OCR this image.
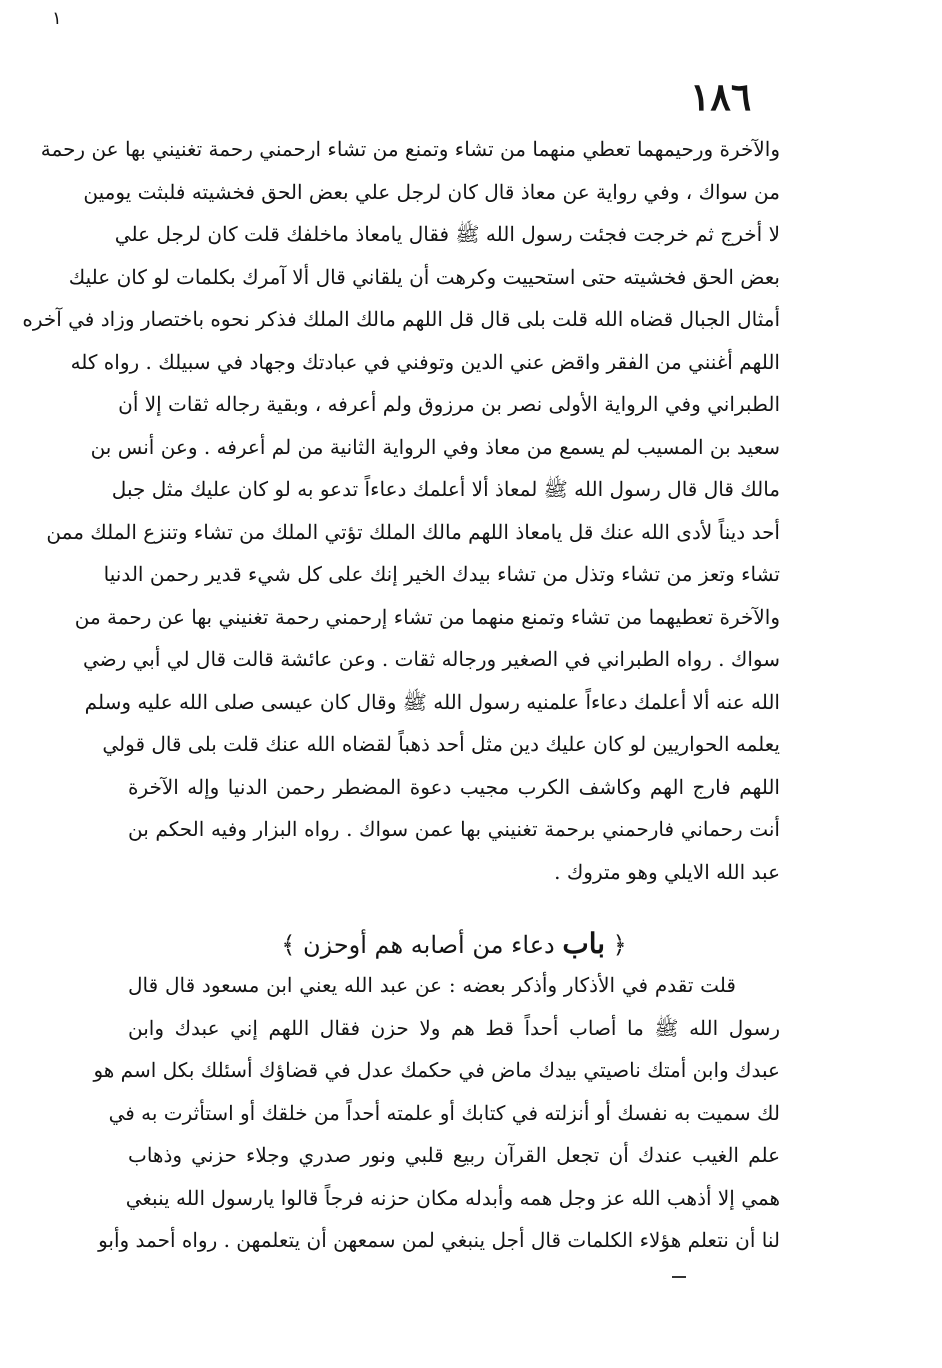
١
١٨٦
والآخرة ورحيمهما تعطي منهما من تشاء وتمنع من تشاء ارحمني رحمة تغنيني بها عن رحمة
من سواك ، وفي رواية عن معاذ قال كان لرجل علي بعض الحق فخشيته فلبثت يومين
لا أخرج ثم خرجت فجئت رسول الله ﷺ فقال يامعاذ ماخلفك قلت كان لرجل علي
بعض الحق فخشيته حتى استحييت وكرهت أن يلقاني قال ألا آمرك بكلمات لو كان عليك
أمثال الجبال قضاه الله قلت بلى قال قل اللهم مالك الملك فذكر نحوه باختصار وزاد في آخره
اللهم أغنني من الفقر واقض عني الدين وتوفني في عبادتك وجهاد في سبيلك . رواه كله
الطبراني وفي الرواية الأولى نصر بن مرزوق ولم أعرفه ، وبقية رجاله ثقات إلا أن
سعيد بن المسيب لم يسمع من معاذ وفي الرواية الثانية من لم أعرفه . وعن أنس بن
مالك قال قال رسول الله ﷺ لمعاذ ألا أعلمك دعاءاً تدعو به لو كان عليك مثل جبل
أحد ديناً لأدى الله عنك قل يامعاذ اللهم مالك الملك تؤتي الملك من تشاء وتنزع الملك ممن
تشاء وتعز من تشاء وتذل من تشاء بيدك الخير إنك على كل شيء قدير رحمن الدنيا
والآخرة تعطيهما من تشاء وتمنع منهما من تشاء إرحمني رحمة تغنيني بها عن رحمة من
سواك . رواه الطبراني في الصغير ورجاله ثقات . وعن عائشة قالت قال لي أبي رضي
الله عنه ألا أعلمك دعاءاً علمنيه رسول الله ﷺ وقال كان عيسى صلى الله عليه وسلم
يعلمه الحواريين لو كان عليك دين مثل أحد ذهباً لقضاه الله عنك قلت بلى قال قولي
اللهم فارج الهم وكاشف الكرب مجيب دعوة المضطر رحمن الدنيا وإله الآخرة
أنت رحماني فارحمني برحمة تغنيني بها عمن سواك . رواه البزار وفيه الحكم بن
عبد الله الايلي وهو متروك .
﴿ باب دعاء من أصابه هم أوحزن ﴾
قلت تقدم في الأذكار وأذكر بعضه : عن عبد الله يعني ابن مسعود قال قال
رسول الله ﷺ ما أصاب أحداً قط هم ولا حزن فقال اللهم إني عبدك وابن
عبدك وابن أمتك ناصيتي بيدك ماض في حكمك عدل في قضاؤك أسئلك بكل اسم هو
لك سميت به نفسك أو أنزلته في كتابك أو علمته أحداً من خلقك أو استأثرت به في
علم الغيب عندك أن تجعل القرآن ربيع قلبي ونور صدري وجلاء حزني وذهاب
همي إلا أذهب الله عز وجل همه وأبدله مكان حزنه فرجاً قالوا يارسول الله ينبغي
لنا أن نتعلم هؤلاء الكلمات قال أجل ينبغي لمن سمعهن أن يتعلمهن . رواه أحمد وأبو
